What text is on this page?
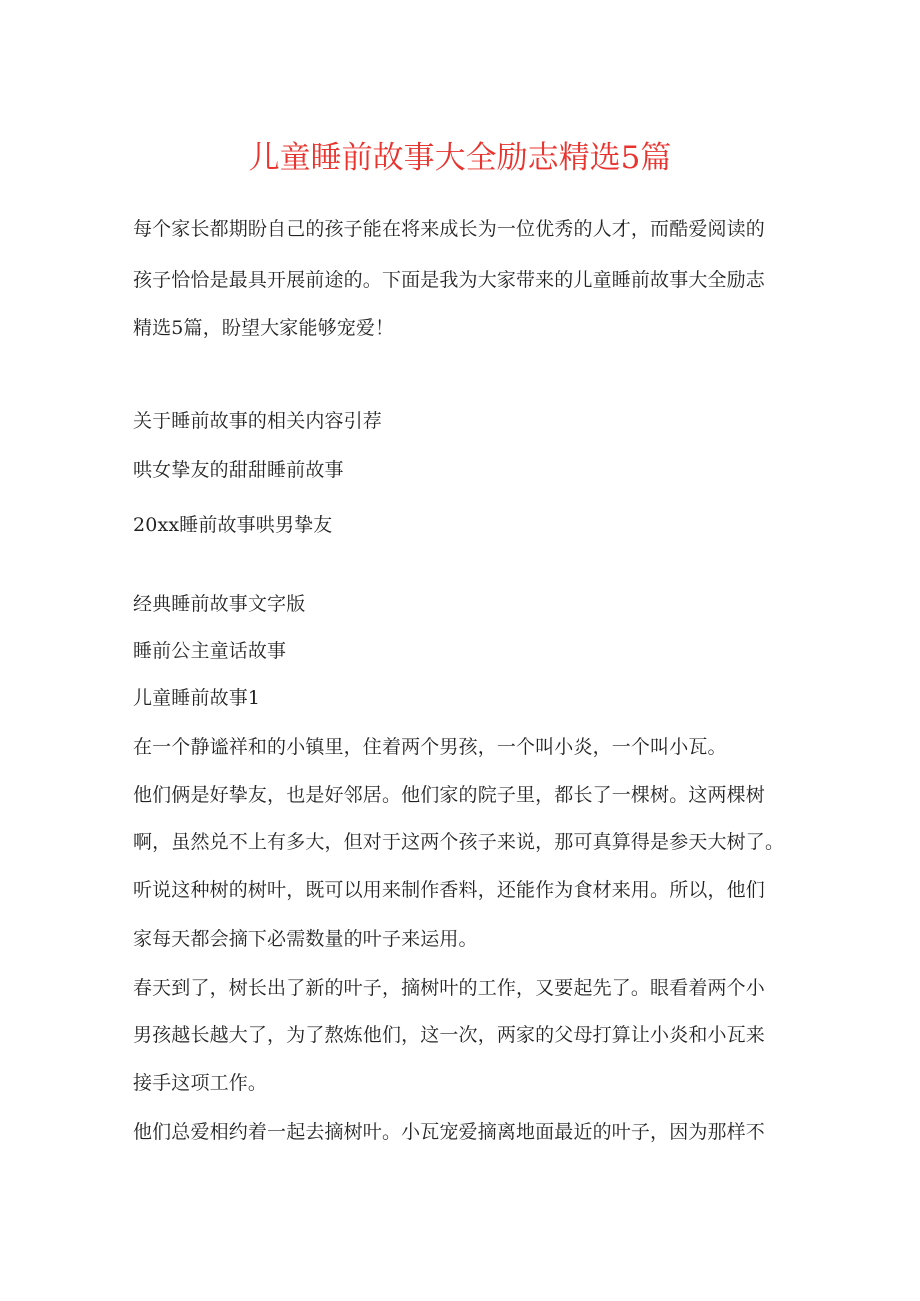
儿童睡前故事大全励志精选5篇
每个家长都期盼自己的孩子能在将来成长为一位优秀的人才，而酷爱阅读的
孩子恰恰是最具开展前途的。下面是我为大家带来的儿童睡前故事大全励志
精选5篇，盼望大家能够宠爱！
关于睡前故事的相关内容引荐
哄女挚友的甜甜睡前故事
20xx睡前故事哄男挚友
经典睡前故事文字版
睡前公主童话故事
儿童睡前故事1
在一个静谧祥和的小镇里，住着两个男孩，一个叫小炎，一个叫小瓦。
他们俩是好挚友，也是好邻居。他们家的院子里，都长了一棵树。这两棵树
啊，虽然兑不上有多大，但对于这两个孩子来说，那可真算得是参天大树了。
听说这种树的树叶，既可以用来制作香料，还能作为食材来用。所以，他们
家每天都会摘下必需数量的叶子来运用。
春天到了，树长出了新的叶子，摘树叶的工作，又要起先了。眼看着两个小
男孩越长越大了，为了熬炼他们，这一次，两家的父母打算让小炎和小瓦来
接手这项工作。
他们总爱相约着一起去摘树叶。小瓦宠爱摘离地面最近的叶子，因为那样不
